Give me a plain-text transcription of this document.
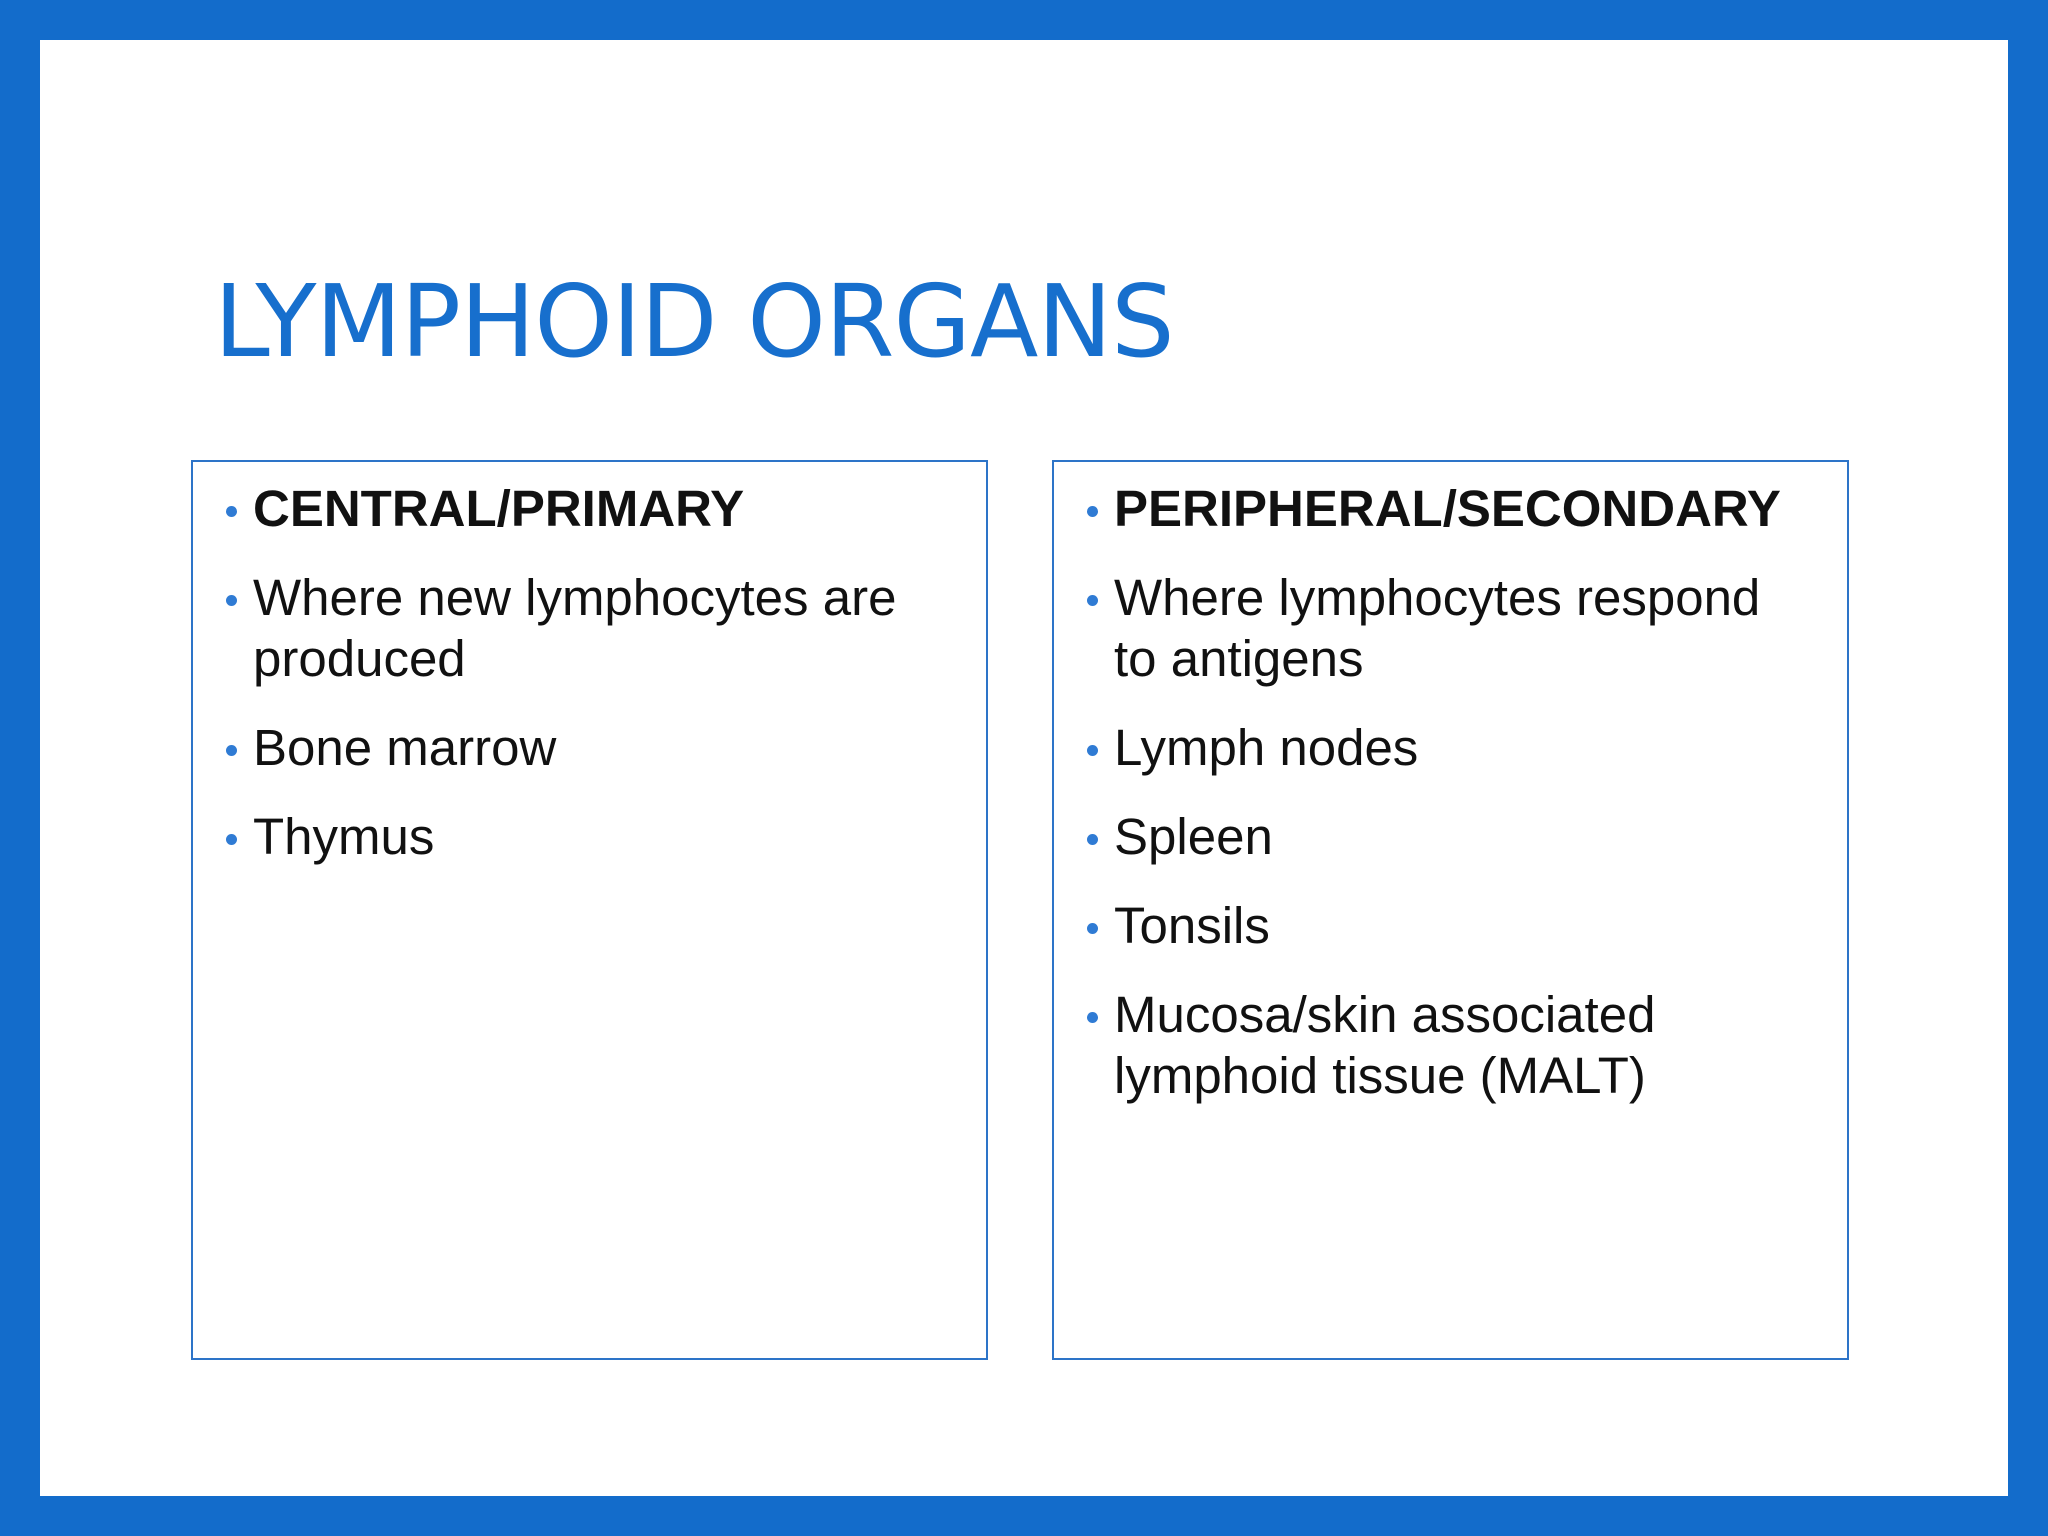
LYMPHOID ORGANS
CENTRAL/PRIMARY
Where new lymphocytes are produced
Bone marrow
Thymus
PERIPHERAL/SECONDARY
Where lymphocytes respond to antigens
Lymph nodes
Spleen
Tonsils
Mucosa/skin associated lymphoid tissue (MALT)
